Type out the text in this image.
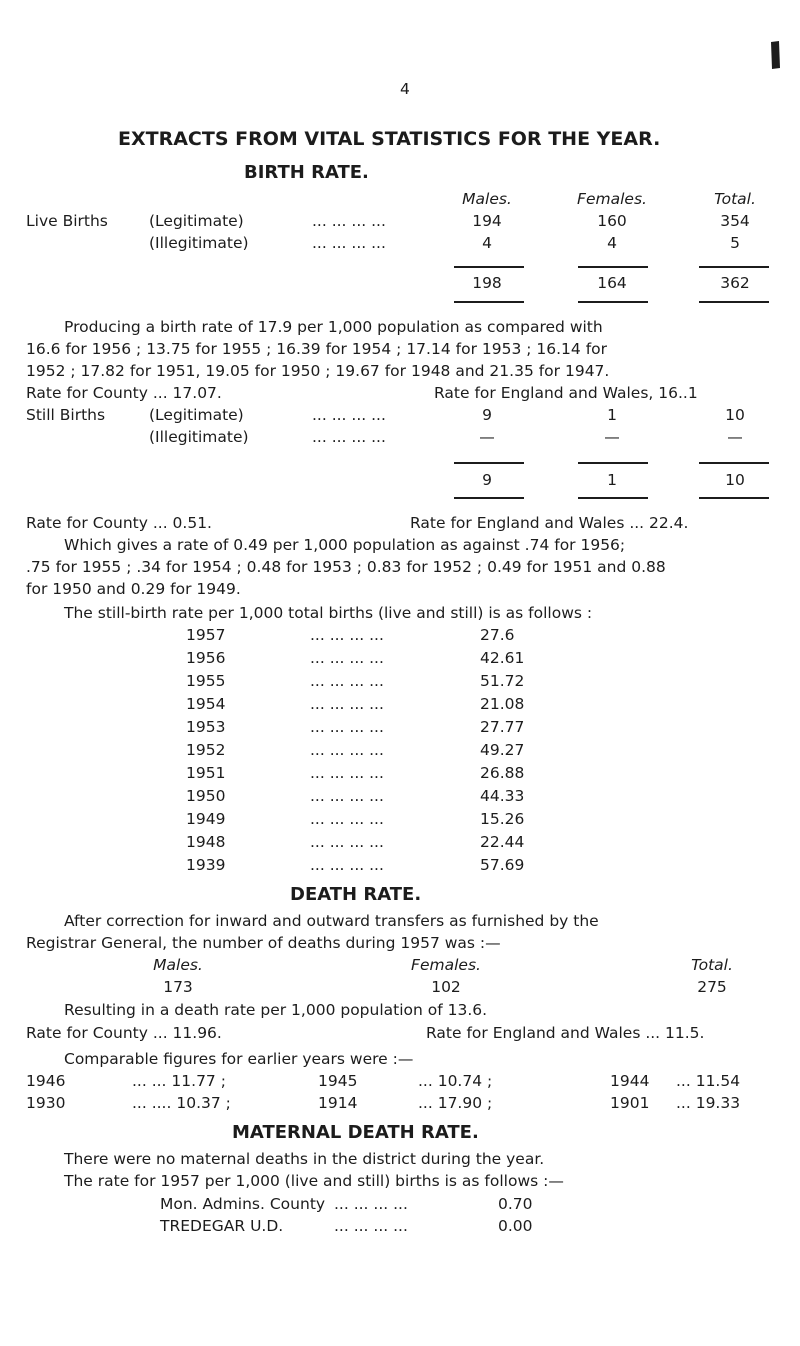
4
EXTRACTS FROM VITAL STATISTICS FOR THE YEAR.
BIRTH RATE.
Males.	Females.	Total.
Live Births	(Legitimate)	... ... ... ...	194	160	354
(Illegitimate)	... ... ... ...	4	4	5
198	164	362
Producing a birth rate of 17.9 per 1,000 population as compared with
16.6 for 1956 ; 13.75 for 1955 ; 16.39 for 1954 ; 17.14 for 1953 ; 16.14 for
1952 ; 17.82 for 1951, 19.05 for 1950 ; 19.67 for 1948 and 21.35 for 1947.
Rate for County ... 17.07.	Rate for England and Wales, 16..1
Still Births	(Legitimate)	... ... ... ...	9	1	10
(Illegitimate)	... ... ... ...	—	—	—
9	1	10
Rate for County ... 0.51.	Rate for England and Wales ... 22.4.
Which gives a rate of 0.49 per 1,000 population as against .74 for 1956;
.75 for 1955 ; .34 for 1954 ; 0.48 for 1953 ; 0.83 for 1952 ; 0.49 for 1951 and 0.88
for 1950 and 0.29 for 1949.
The still-birth rate per 1,000 total births (live and still) is as follows :
1957	... ... ... ...	27.6
1956	... ... ... ...	42.61
1955	... ... ... ...	51.72
1954	... ... ... ...	21.08
1953	... ... ... ...	27.77
1952	... ... ... ...	49.27
1951	... ... ... ...	26.88
1950	... ... ... ...	44.33
1949	... ... ... ...	15.26
1948	... ... ... ...	22.44
1939	... ... ... ...	57.69
DEATH RATE.
After correction for inward and outward transfers as furnished by the
Registrar General, the number of deaths during 1957 was :—
Males.	Females.	Total.
173	102	275
Resulting in a death rate per 1,000 population of 13.6.
Rate for County ... 11.96.	Rate for England and Wales ... 11.5.
Comparable figures for earlier years were :—
1946	... ... 11.77 ;	1945	... 10.74 ;	1944 ... 11.54
1930	... .... 10.37 ;	1914	... 17.90 ;	1901 ... 19.33
MATERNAL DEATH RATE.
There were no maternal deaths in the district during the year.
The rate for 1957 per 1,000 (live and still) births is as follows :—
Mon. Admins. County ... ... ... ...	0.70
TREDEGAR U.D.	... ... ... ...	0.00
